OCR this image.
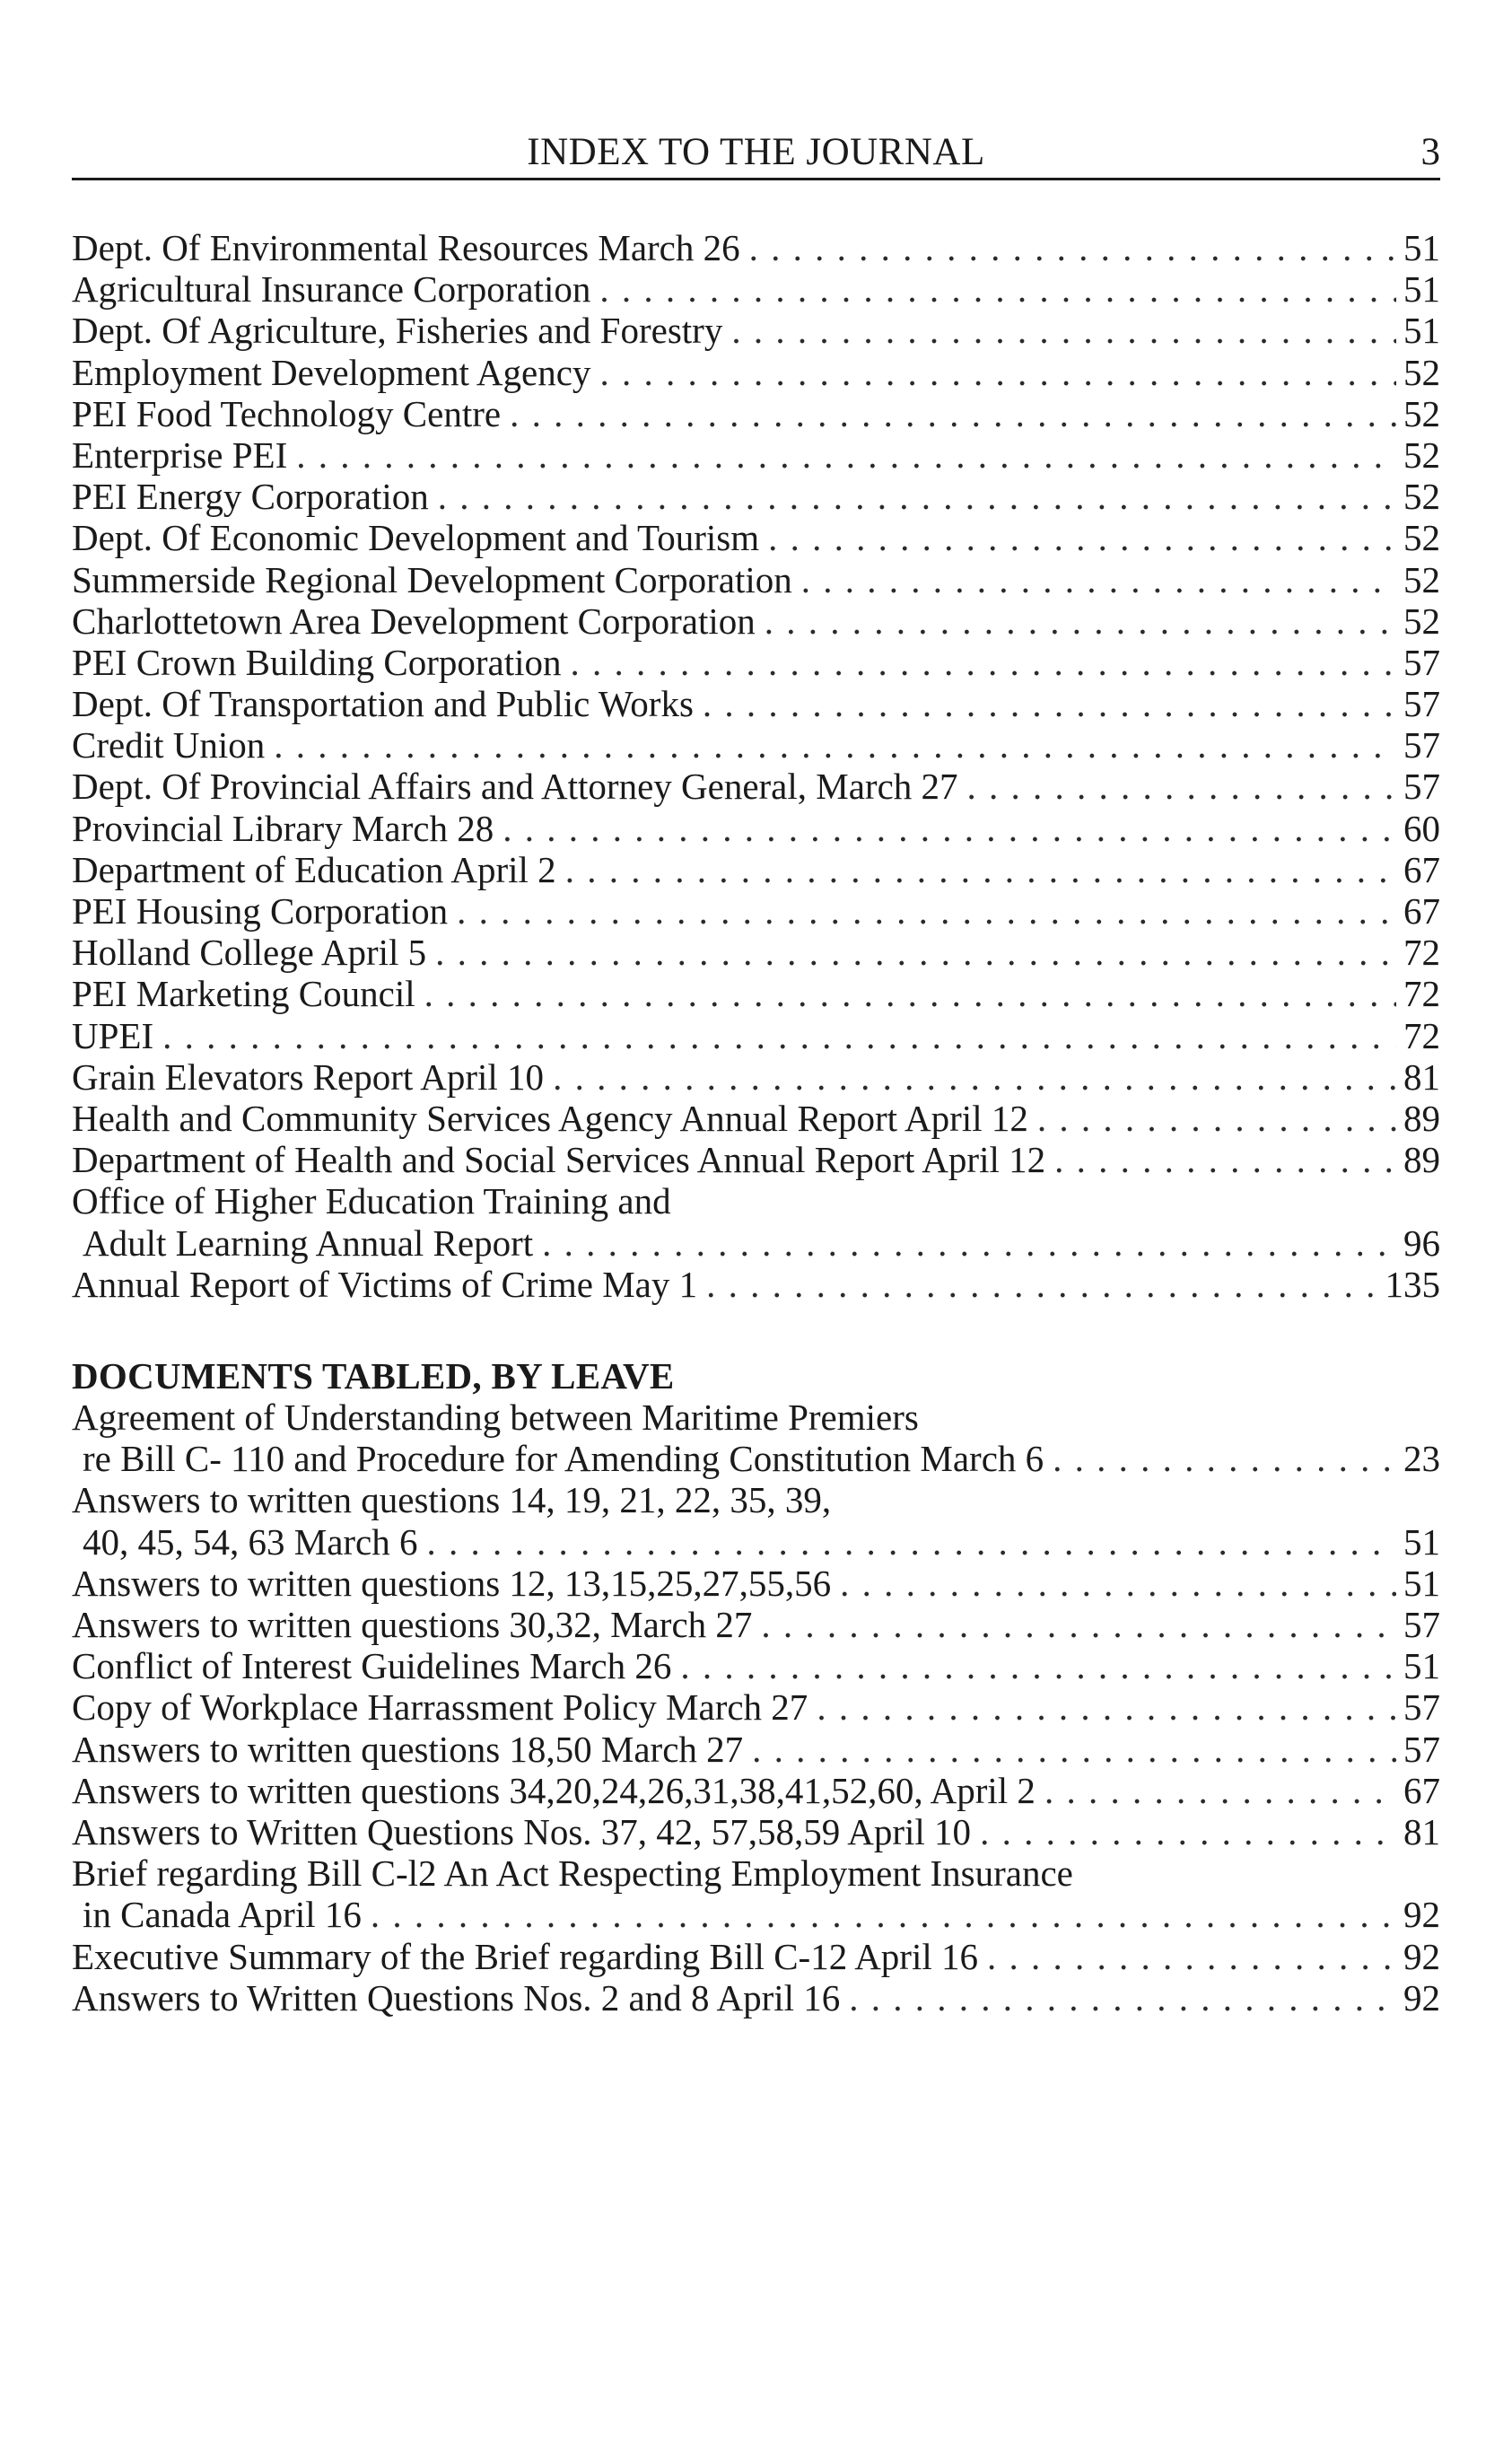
INDEX TO THE JOURNAL	3
Dept. Of Environmental Resources March 26 . . .	51
Agricultural Insurance Corporation . . .	51
Dept. Of Agriculture, Fisheries and Forestry . . .	51
Employment Development Agency . . .	52
PEI Food Technology Centre . . .	52
Enterprise PEI . . .	52
PEI Energy Corporation . . .	52
Dept. Of Economic Development and Tourism . . .	52
Summerside Regional Development Corporation . . .	52
Charlottetown Area Development Corporation . . .	52
PEI Crown Building Corporation . . .	57
Dept. Of Transportation and Public Works . . .	57
Credit Union . . .	57
Dept. Of Provincial Affairs and Attorney General, March 27 . . .	57
Provincial Library March 28 . . .	60
Department of Education April 2 . . .	67
PEI Housing Corporation . . .	67
Holland College April 5 . . .	72
PEI Marketing Council . . .	72
UPEI . . .	72
Grain Elevators Report April 10 . . .	81
Health and Community Services Agency Annual Report April 12 . . .	89
Department of Health and Social Services Annual Report April 12 . . .	89
Office of Higher Education Training and
Adult Learning Annual Report . . .	96
Annual Report of Victims of Crime May 1 . . .	135
DOCUMENTS TABLED, BY LEAVE
Agreement of Understanding between Maritime Premiers
re Bill C- 110 and Procedure for Amending Constitution March 6 . . .	23
Answers to written questions 14, 19, 21, 22, 35, 39,
40, 45, 54, 63 March 6 . . .	51
Answers to written questions 12, 13,15,25,27,55,56 . . .	51
Answers to written questions 30,32, March 27 . . .	57
Conflict of Interest Guidelines March 26 . . .	51
Copy of Workplace Harrassment Policy March 27 . . .	57
Answers to written questions 18,50 March 27 . . .	57
Answers to written questions 34,20,24,26,31,38,41,52,60, April 2 . . .	67
Answers to Written Questions Nos. 37, 42, 57,58,59 April 10 . . .	81
Brief regarding Bill C-l2 An Act Respecting Employment Insurance
in Canada April 16 . . .	92
Executive Summary of the Brief regarding Bill C-12 April 16 . . .	92
Answers to Written Questions Nos. 2 and 8 April 16 . . .	92
